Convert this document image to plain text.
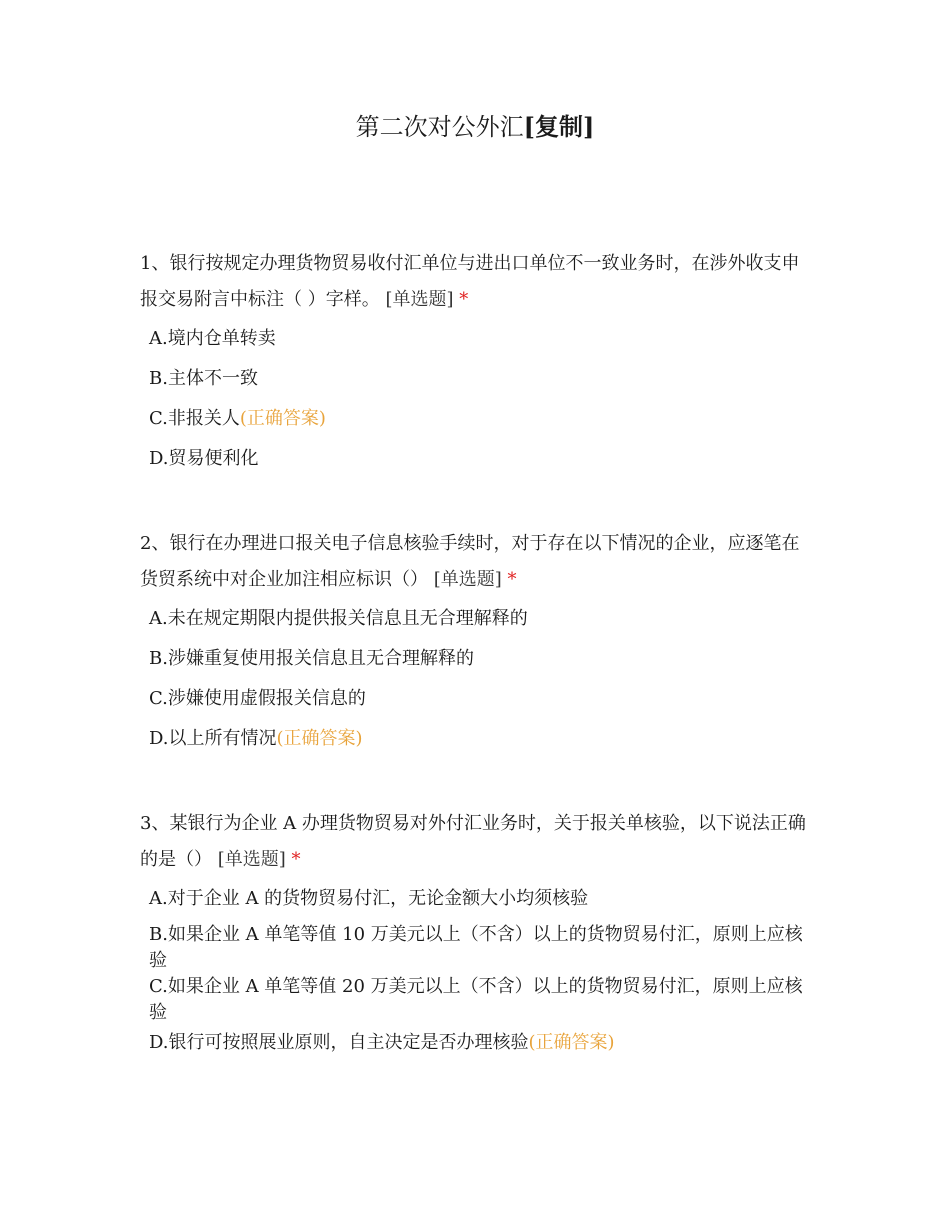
第二次对公外汇[复制]

1、银行按规定办理货物贸易收付汇单位与进出口单位不一致业务时，在涉外收支申报交易附言中标注（ ）字样。 [单选题] *

A.境内仓单转卖
B.主体不一致
C.非报关人(正确答案)
D.贸易便利化

2、银行在办理进口报关电子信息核验手续时，对于存在以下情况的企业，应逐笔在货贸系统中对企业加注相应标识（） [单选题] *

A.未在规定期限内提供报关信息且无合理解释的
B.涉嫌重复使用报关信息且无合理解释的
C.涉嫌使用虚假报关信息的
D.以上所有情况(正确答案)

3、某银行为企业 A 办理货物贸易对外付汇业务时，关于报关单核验，以下说法正确的是（） [单选题] *

A.对于企业 A 的货物贸易付汇，无论金额大小均须核验
B.如果企业 A 单笔等值 10 万美元以上（不含）以上的货物贸易付汇，原则上应核验
C.如果企业 A 单笔等值 20 万美元以上（不含）以上的货物贸易付汇，原则上应核验
D.银行可按照展业原则，自主决定是否办理核验(正确答案)
